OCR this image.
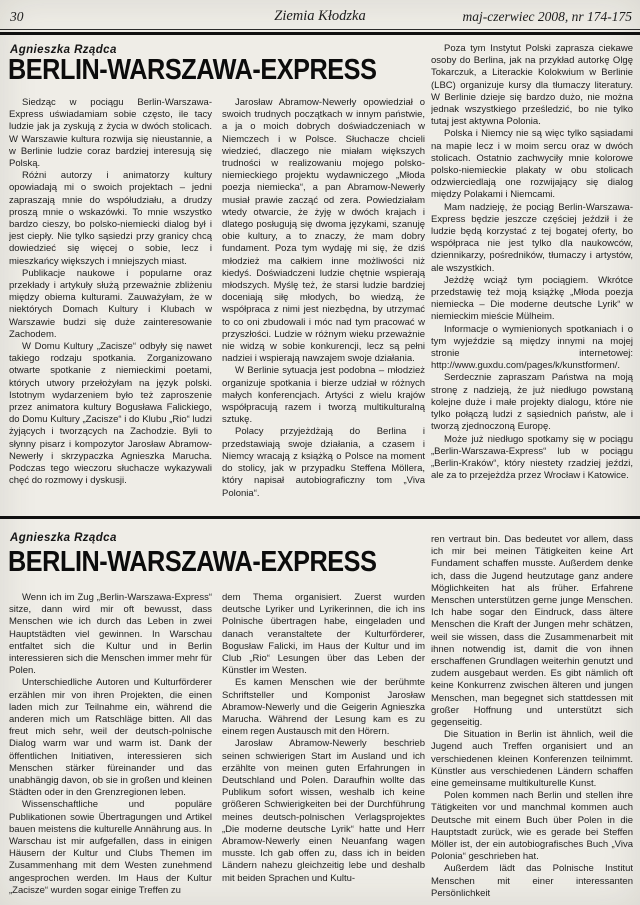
30	Ziemia Kłodzka	maj-czerwiec 2008, nr 174-175
Agnieszka Rządca
BERLIN-WARSZAWA-EXPRESS

Siedząc w pociągu Berlin-Warszawa-Express uświadamiam sobie często, ile tacy ludzie jak ja zyskują z życia w dwóch stolicach. W Warszawie kultura rozwija się nieustannie, a w Berlinie ludzie coraz bardziej interesują się Polską.

Różni autorzy i animatorzy kultury opowiadają mi o swoich projektach – jedni zapraszają mnie do współudziału, a drudzy proszą mnie o wskazówki. To mnie wszystko bardzo cieszy, bo polsko-niemiecki dialog był i jest ciepły. Nie tylko sąsiedzi przy granicy chcą dowiedzieć się więcej o sobie, lecz i mieszkańcy większych i mniejszych miast.

Publikacje naukowe i popularne oraz przekłady i artykuły służą przeważnie zbliżeniu między obiema kulturami. Zauważyłam, że w niektórych Domach Kultury i Klubach w Warszawie budzi się duże zainteresowanie Zachodem.

W Domu Kultury „Zacisze“ odbyły się nawet takiego rodzaju spotkania. Zorganizowano otwarte spotkanie z niemieckimi poetami, których utwory przełożyłam na język polski. Istotnym wydarzeniem było też zaproszenie przez animatora kultury Bogusława Falickiego, do Domu Kultury „Zacisze“ i do Klubu „Rio“ ludzi żyjących i tworzących na Zachodzie. Byli to słynny pisarz i kompozytor Jarosław Abramow-Newerły i skrzypaczka Agnieszka Marucha. Podczas tego wieczoru słuchacze wykazywali chęć do rozmowy i dyskusji.

Jarosław Abramow-Newerły opowiedział o swoich trudnych początkach w innym państwie, a ja o moich dobrych doświadczeniach w Niemczech i w Polsce. Słuchacze chcieli wiedzieć, dlaczego nie miałam większych trudności w realizowaniu mojego polsko-niemieckiego projektu wydawniczego „Młoda poezja niemiecka“, a pan Abramow-Newerły musiał prawie zacząć od zera. Powiedziałam wtedy otwarcie, że żyję w dwóch krajach i dlatego posługują się dwoma językami, szanuję obie kultury, a to znaczy, że mam dobry fundament. Poza tym wydaję mi się, że dziś młodzież ma całkiem inne możliwości niż kiedyś. Doświadczeni ludzie chętnie wspierają młodszych. Myślę też, że starsi ludzie bardziej doceniają siłę młodych, bo wiedzą, że współpraca z nimi jest niezbędna, by utrzymać to co oni zbudowali i móc nad tym pracować w przyszłości. Ludzie w różnym wieku przeważnie nie widzą w sobie konkurencji, lecz są pełni nadziei i wspierają nawzajem swoje działania.

W Berlinie sytuacja jest podobna – młodzież organizuje spotkania i bierze udział w różnych małych konferencjach. Artyści z wielu krajów współpracują razem i tworzą multikulturalną sztukę.

Polacy przyjeżdżają do Berlina i przedstawiają swoje działania, a czasem i Niemcy wracają z książką o Polsce na moment do stolicy, jak w przypadku Steffena Möllera, który napisał autobiograficzny tom „Viva Polonia“.

Poza tym Instytut Polski zaprasza ciekawe osoby do Berlina, jak na przykład autorkę Olgę Tokarczuk, a Literackie Kolokwium w Berlinie (LBC) organizuje kursy dla tłumaczy literatury. W Berlinie dzieje się bardzo dużo, nie można jednak wszystkiego prześledzić, bo nie tylko tutaj jest aktywna Polonia.

Polska i Niemcy nie są więc tylko sąsiadami na mapie lecz i w moim sercu oraz w dwóch stolicach. Ostatnio zachwyciły mnie kolorowe polsko-niemieckie plakaty w obu stolicach odzwierciedlają one rozwijający się dialog między Polakami i Niemcami.

Mam nadzieję, że pociąg Berlin-Warszawa-Express będzie jeszcze częściej jeździł i że ludzie będą korzystać z tej bogatej oferty, bo współpraca nie jest tylko dla naukowców, dziennikarzy, pośredników, tłumaczy i artystów, ale wszystkich.

Jeżdżę wciąż tym pociągiem. Wkrótce przedstawię też moją książkę „Młoda poezja niemiecka – Die moderne deutsche Lyrik“ w niemieckim mieście Mülheim.

Informacje o wymienionych spotkaniach i o tym wyjeździe są między innymi na mojej stronie internetowej: http://www.guxdu.com/pages/k/kunstformen/.

Serdecznie zapraszam Państwa na moją stronę z nadzieją, że już niedługo powstaną kolejne duże i małe projekty dialogu, które nie tylko połączą ludzi z sąsiednich państw, ale i tworzą zjednoczoną Europę.

Może już niedługo spotkamy się w pociągu „Berlin-Warszawa-Express“ lub w pociągu „Berlin-Kraków“, który niestety rzadziej jeździ, ale za to przejeżdża przez Wrocław i Katowice.

Agnieszka Rządca
BERLIN-WARSZAWA-EXPRESS

Wenn ich im Zug „Berlin-Warszawa-Express“ sitze, dann wird mir oft bewusst, dass Menschen wie ich durch das Leben in zwei Hauptstädten viel gewinnen. In Warschau entfaltet sich die Kultur und in Berlin interessieren sich die Menschen immer mehr für Polen.

Unterschiedliche Autoren und Kulturförderer erzählen mir von ihren Projekten, die einen laden mich zur Teilnahme ein, während die anderen mich um Ratschläge bitten. All das freut mich sehr, weil der deutsch-polnische Dialog warm war und warm ist. Dank der öffentlichen Initiativen, interessieren sich Menschen stärker füreinander und das unabhängig davon, ob sie in großen und kleinen Städten oder in den Grenzregionen leben.

Wissenschaftliche und populäre Publikationen sowie Übertragungen und Artikel bauen meistens die kulturelle Annährung aus. In Warschau ist mir aufgefallen, dass in einigen Häusern der Kultur und Clubs Themen im Zusammenhang mit dem Westen zunehmend angesprochen werden. Im Haus der Kultur „Zacisze“ wurden sogar einige Treffen zu

dem Thema organisiert. Zuerst wurden deutsche Lyriker und Lyrikerinnen, die ich ins Polnische übertragen habe, eingeladen und danach veranstaltete der Kulturförderer, Bogusław Falicki, im Haus der Kultur und im Club „Rio“ Lesungen über das Leben der Künstler im Westen.

Es kamen Menschen wie der berühmte Schriftsteller und Komponist Jarosław Abramow-Newerly und die Geigerin Agnieszka Marucha. Während der Lesung kam es zu einem regen Austausch mit den Hörern.

Jarosław Abramow-Newerly beschrieb seinen schwierigen Start im Ausland und ich erzählte von meinen guten Erfahrungen in Deutschland und Polen. Daraufhin wollte das Publikum sofort wissen, weshalb ich keine größeren Schwierigkeiten bei der Durchführung meines deutsch-polnischen Verlagsprojektes „Die moderne deutsche Lyrik“ hatte und Herr Abramow-Newerly einen Neuanfang wagen musste. Ich gab offen zu, dass ich in beiden Ländern nahezu gleichzeitig lebe und deshalb mit beiden Sprachen und Kultu-

ren vertraut bin. Das bedeutet vor allem, dass ich mir bei meinen Tätigkeiten keine Art Fundament schaffen musste. Außerdem denke ich, dass die Jugend heutzutage ganz andere Möglichkeiten hat als früher. Erfahrene Menschen unterstützen gerne junge Menschen. Ich habe sogar den Eindruck, dass ältere Menschen die Kraft der Jungen mehr schätzen, weil sie wissen, dass die Zusammenarbeit mit ihnen notwendig ist, damit die von ihnen erschaffenen Grundlagen weiterhin genutzt und zudem ausgebaut werden. Es gibt nämlich oft keine Konkurrenz zwischen älteren und jungen Menschen, man begegnet sich stattdessen mit großer Hoffnung und unterstützt sich gegenseitig.

Die Situation in Berlin ist ähnlich, weil die Jugend auch Treffen organisiert und an verschiedenen kleinen Konferenzen teilnimmt. Künstler aus verschiedenen Ländern schaffen eine gemeinsame multikulturelle Kunst.

Polen kommen nach Berlin und stellen ihre Tätigkeiten vor und manchmal kommen auch Deutsche mit einem Buch über Polen in die Hauptstadt zurück, wie es gerade bei Steffen Möller ist, der ein autobiografisches Buch „Viva Polonia“ geschrieben hat.

Außerdem lädt das Polnische Institut Menschen mit einer interessanten Persönlichkeit
